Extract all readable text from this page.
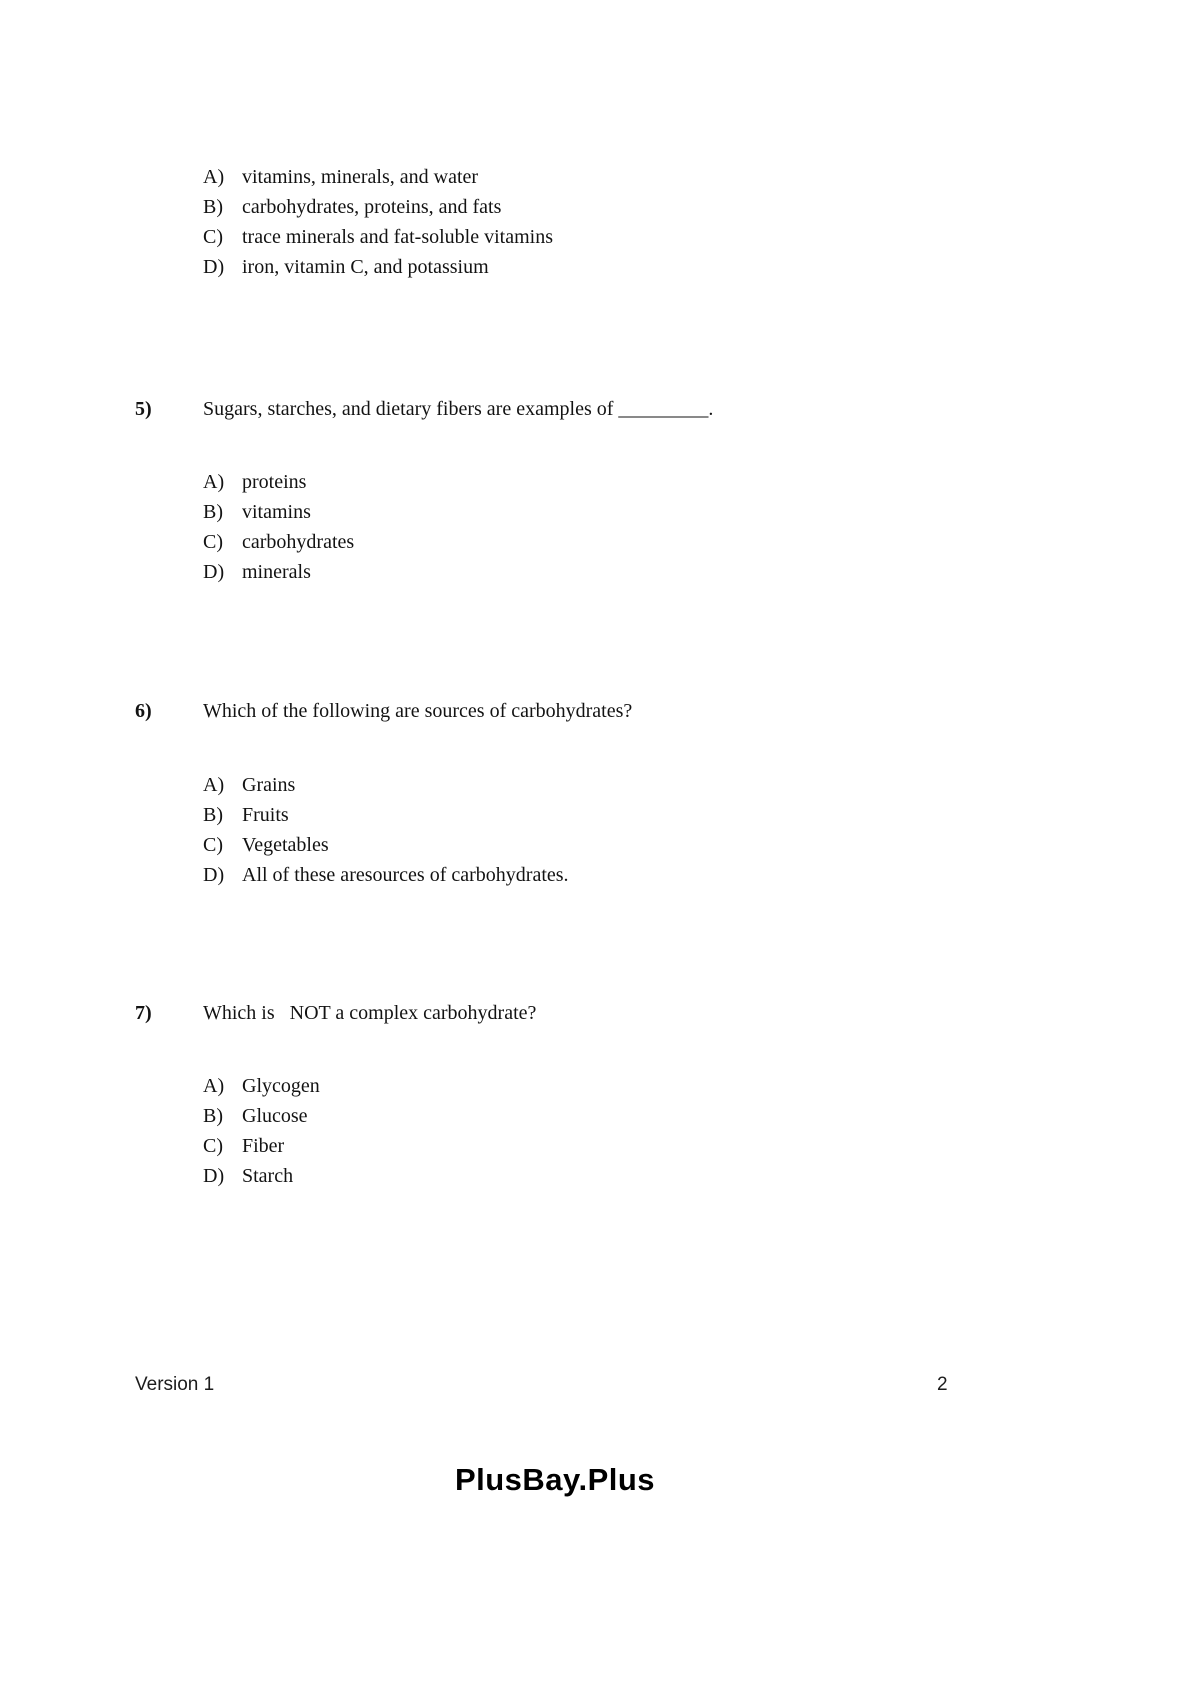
A) vitamins, minerals, and water
B) carbohydrates, proteins, and fats
C) trace minerals and fat-soluble vitamins
D) iron, vitamin C, and potassium
5)	Sugars, starches, and dietary fibers are examples of _________.
A) proteins
B) vitamins
C) carbohydrates
D) minerals
6)	Which of the following are sources of carbohydrates?
A) Grains
B) Fruits
C) Vegetables
D) All of these aresources of carbohydrates.
7)	Which is   NOT a complex carbohydrate?
A) Glycogen
B) Glucose
C) Fiber
D) Starch
Version 1	2
PlusBay.Plus
